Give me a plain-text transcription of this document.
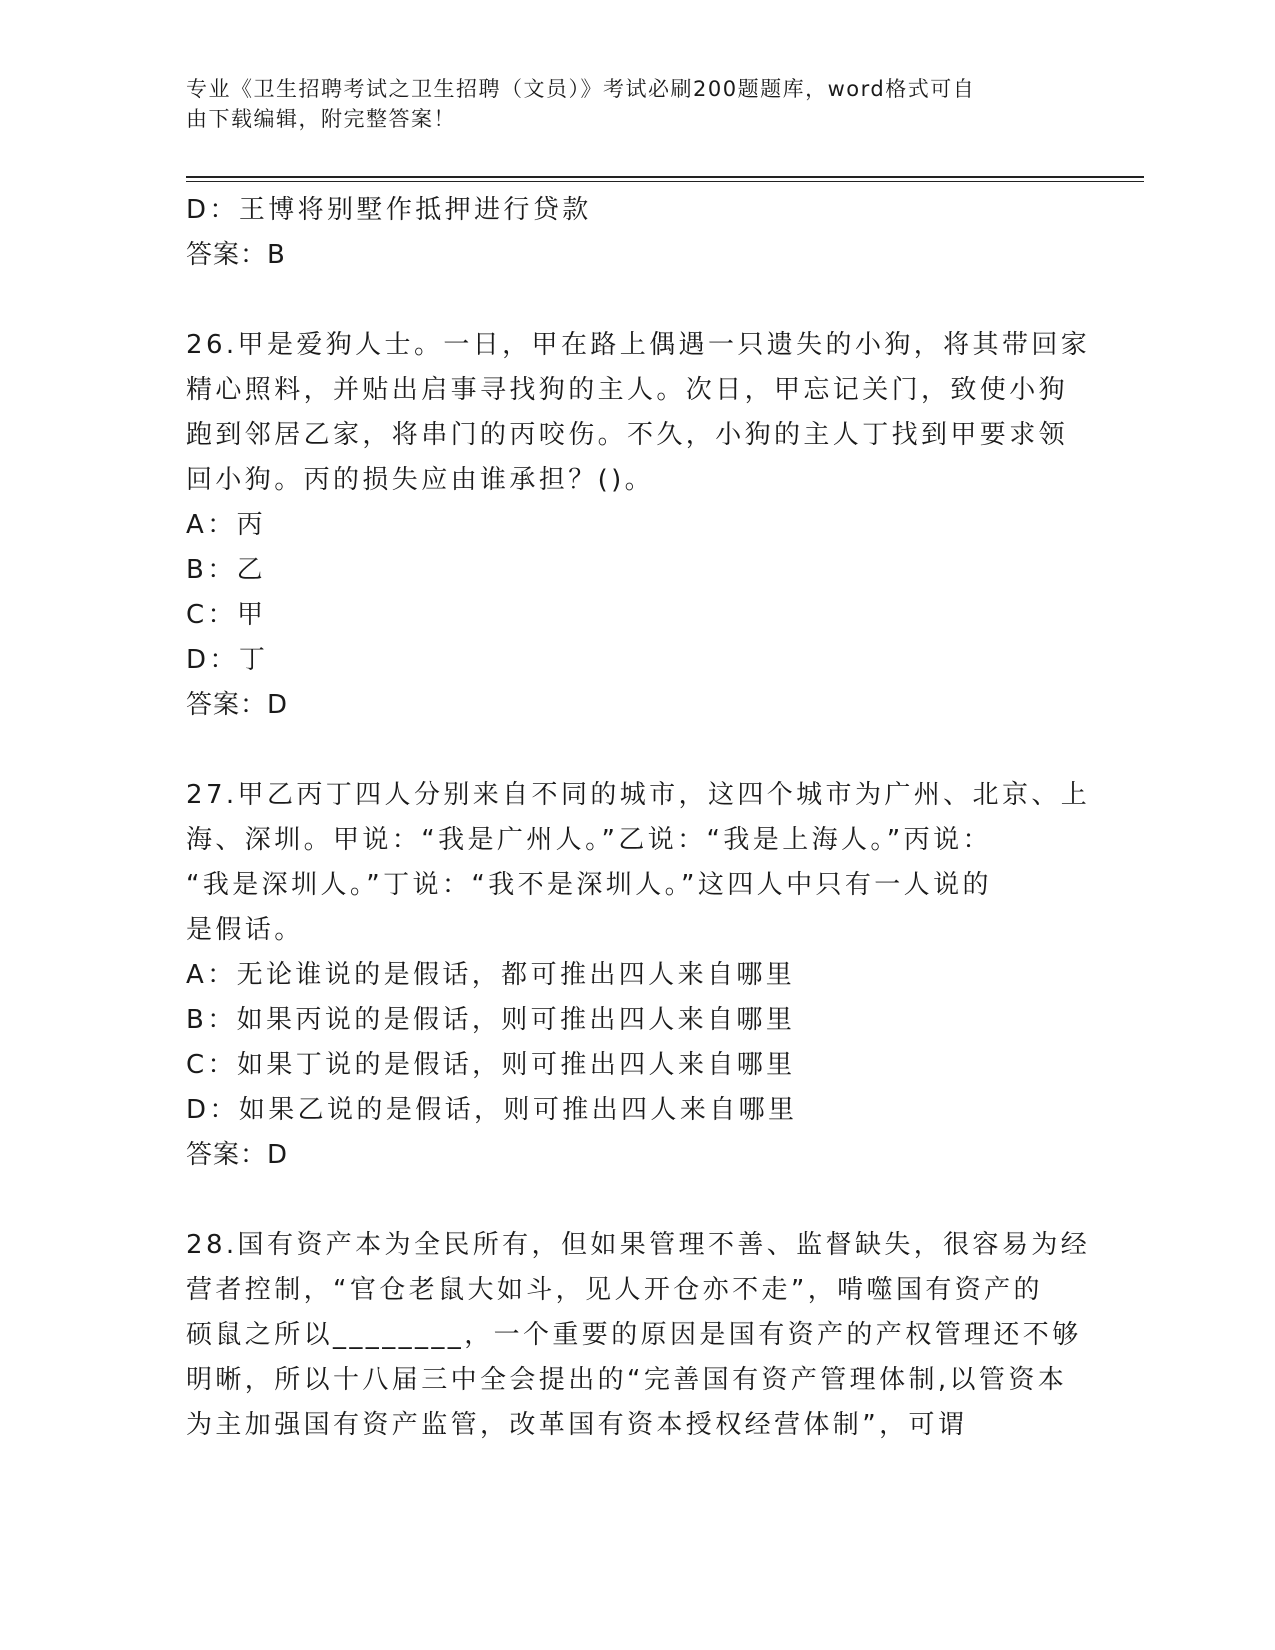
专业《卫生招聘考试之卫生招聘（文员）》考试必刷200题题库，word格式可自
由下载编辑，附完整答案！
D：王博将别墅作抵押进行贷款
答案：B
26.甲是爱狗人士。一日，甲在路上偶遇一只遗失的小狗，将其带回家
精心照料，并贴出启事寻找狗的主人。次日，甲忘记关门，致使小狗
跑到邻居乙家，将串门的丙咬伤。不久，小狗的主人丁找到甲要求领
回小狗。丙的损失应由谁承担？()。
A：丙
B：乙
C：甲
D：丁
答案：D
27.甲乙丙丁四人分别来自不同的城市，这四个城市为广州、北京、上
海、深圳。甲说：“我是广州人。”乙说：“我是上海人。”丙说：
“我是深圳人。”丁说：“我不是深圳人。”这四人中只有一人说的
是假话。
A：无论谁说的是假话，都可推出四人来自哪里
B：如果丙说的是假话，则可推出四人来自哪里
C：如果丁说的是假话，则可推出四人来自哪里
D：如果乙说的是假话，则可推出四人来自哪里
答案：D
28.国有资产本为全民所有，但如果管理不善、监督缺失，很容易为经
营者控制，“官仓老鼠大如斗，见人开仓亦不走”，啃噬国有资产的
硕鼠之所以________，一个重要的原因是国有资产的产权管理还不够
明晰，所以十八届三中全会提出的“完善国有资产管理体制,以管资本
为主加强国有资产监管，改革国有资本授权经营体制”，可谓
